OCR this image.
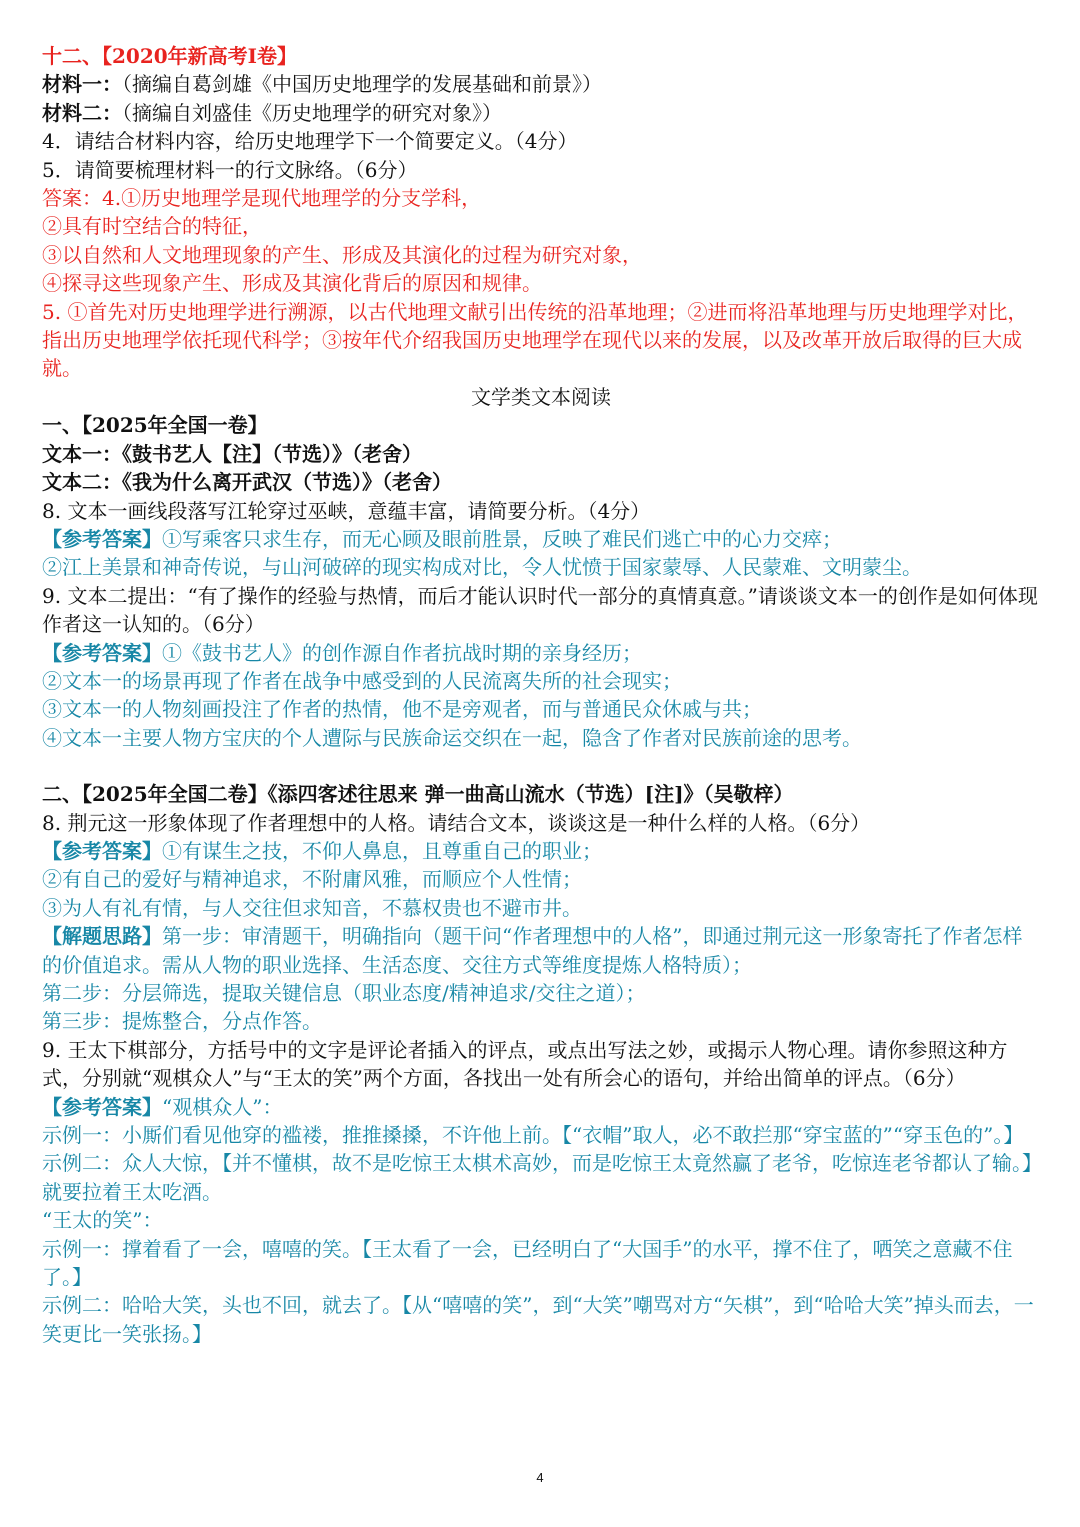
十二、【2020年新高考Ⅰ卷】

材料一：（摘编自葛剑雄《中国历史地理学的发展基础和前景》）

材料二：（摘编自刘盛佳《历史地理学的研究对象》）

4．请结合材料内容，给历史地理学下一个简要定义。（4分）

5．请简要梳理材料一的行文脉络。（6分）

答案：4.①历史地理学是现代地理学的分支学科，

②具有时空结合的特征，

③以自然和人文地理现象的产生、形成及其演化的过程为研究对象，

④探寻这些现象产生、形成及其演化背后的原因和规律。

5. ①首先对历史地理学进行溯源，以古代地理文献引出传统的沿革地理；②进而将沿革地理与历史地理学对比，指出历史地理学依托现代科学；③按年代介绍我国历史地理学在现代以来的发展，以及改革开放后取得的巨大成就。

文学类文本阅读

一、【2025年全国一卷】

文本一：《鼓书艺人【注】（节选）》（老舍）

文本二：《我为什么离开武汉（节选）》（老舍）

8. 文本一画线段落写江轮穿过巫峡，意蕴丰富，请简要分析。（4分）

【参考答案】①写乘客只求生存，而无心顾及眼前胜景，反映了难民们逃亡中的心力交瘁；

②江上美景和神奇传说，与山河破碎的现实构成对比，令人忧愤于国家蒙辱、人民蒙难、文明蒙尘。

9. 文本二提出：“有了操作的经验与热情，而后才能认识时代一部分的真情真意。”请谈谈文本一的创作是如何体现作者这一认知的。（6分）

【参考答案】①《鼓书艺人》的创作源自作者抗战时期的亲身经历；

②文本一的场景再现了作者在战争中感受到的人民流离失所的社会现实；

③文本一的人物刻画投注了作者的热情，他不是旁观者，而与普通民众休戚与共；

④文本一主要人物方宝庆的个人遭际与民族命运交织在一起，隐含了作者对民族前途的思考。

二、【2025年全国二卷】《添四客述往思来 弹一曲高山流水（节选）[注]》（吴敬梓）

8. 荆元这一形象体现了作者理想中的人格。请结合文本，谈谈这是一种什么样的人格。（6分）

【参考答案】①有谋生之技，不仰人鼻息，且尊重自己的职业；

②有自己的爱好与精神追求，不附庸风雅，而顺应个人性情；

③为人有礼有情，与人交往但求知音，不慕权贵也不避市井。

【解题思路】第一步：审清题干，明确指向（题干问“作者理想中的人格”，即通过荆元这一形象寄托了作者怎样的价值追求。需从人物的职业选择、生活态度、交往方式等维度提炼人格特质）；

第二步：分层筛选，提取关键信息（职业态度/精神追求/交往之道）；

第三步：提炼整合，分点作答。

9. 王太下棋部分，方括号中的文字是评论者插入的评点，或点出写法之妙，或揭示人物心理。请你参照这种方式，分别就“观棋众人”与“王太的笑”两个方面，各找出一处有所会心的语句，并给出简单的评点。（6分）

【参考答案】“观棋众人”：

示例一：小厮们看见他穿的褴褛，推推搡搡，不许他上前。【“衣帽”取人，必不敢拦那“穿宝蓝的”“穿玉色的”。】

示例二：众人大惊，【并不懂棋，故不是吃惊王太棋术高妙，而是吃惊王太竟然赢了老爷，吃惊连老爷都认了输。】就要拉着王太吃酒。

“王太的笑”：

示例一：撑着看了一会，嘻嘻的笑。【王太看了一会，已经明白了“大国手”的水平，撑不住了，哂笑之意藏不住了。】

示例二：哈哈大笑，头也不回，就去了。【从“嘻嘻的笑”，到“大笑”嘲骂对方“矢棋”，到“哈哈大笑”掉头而去，一笑更比一笑张扬。】

4
